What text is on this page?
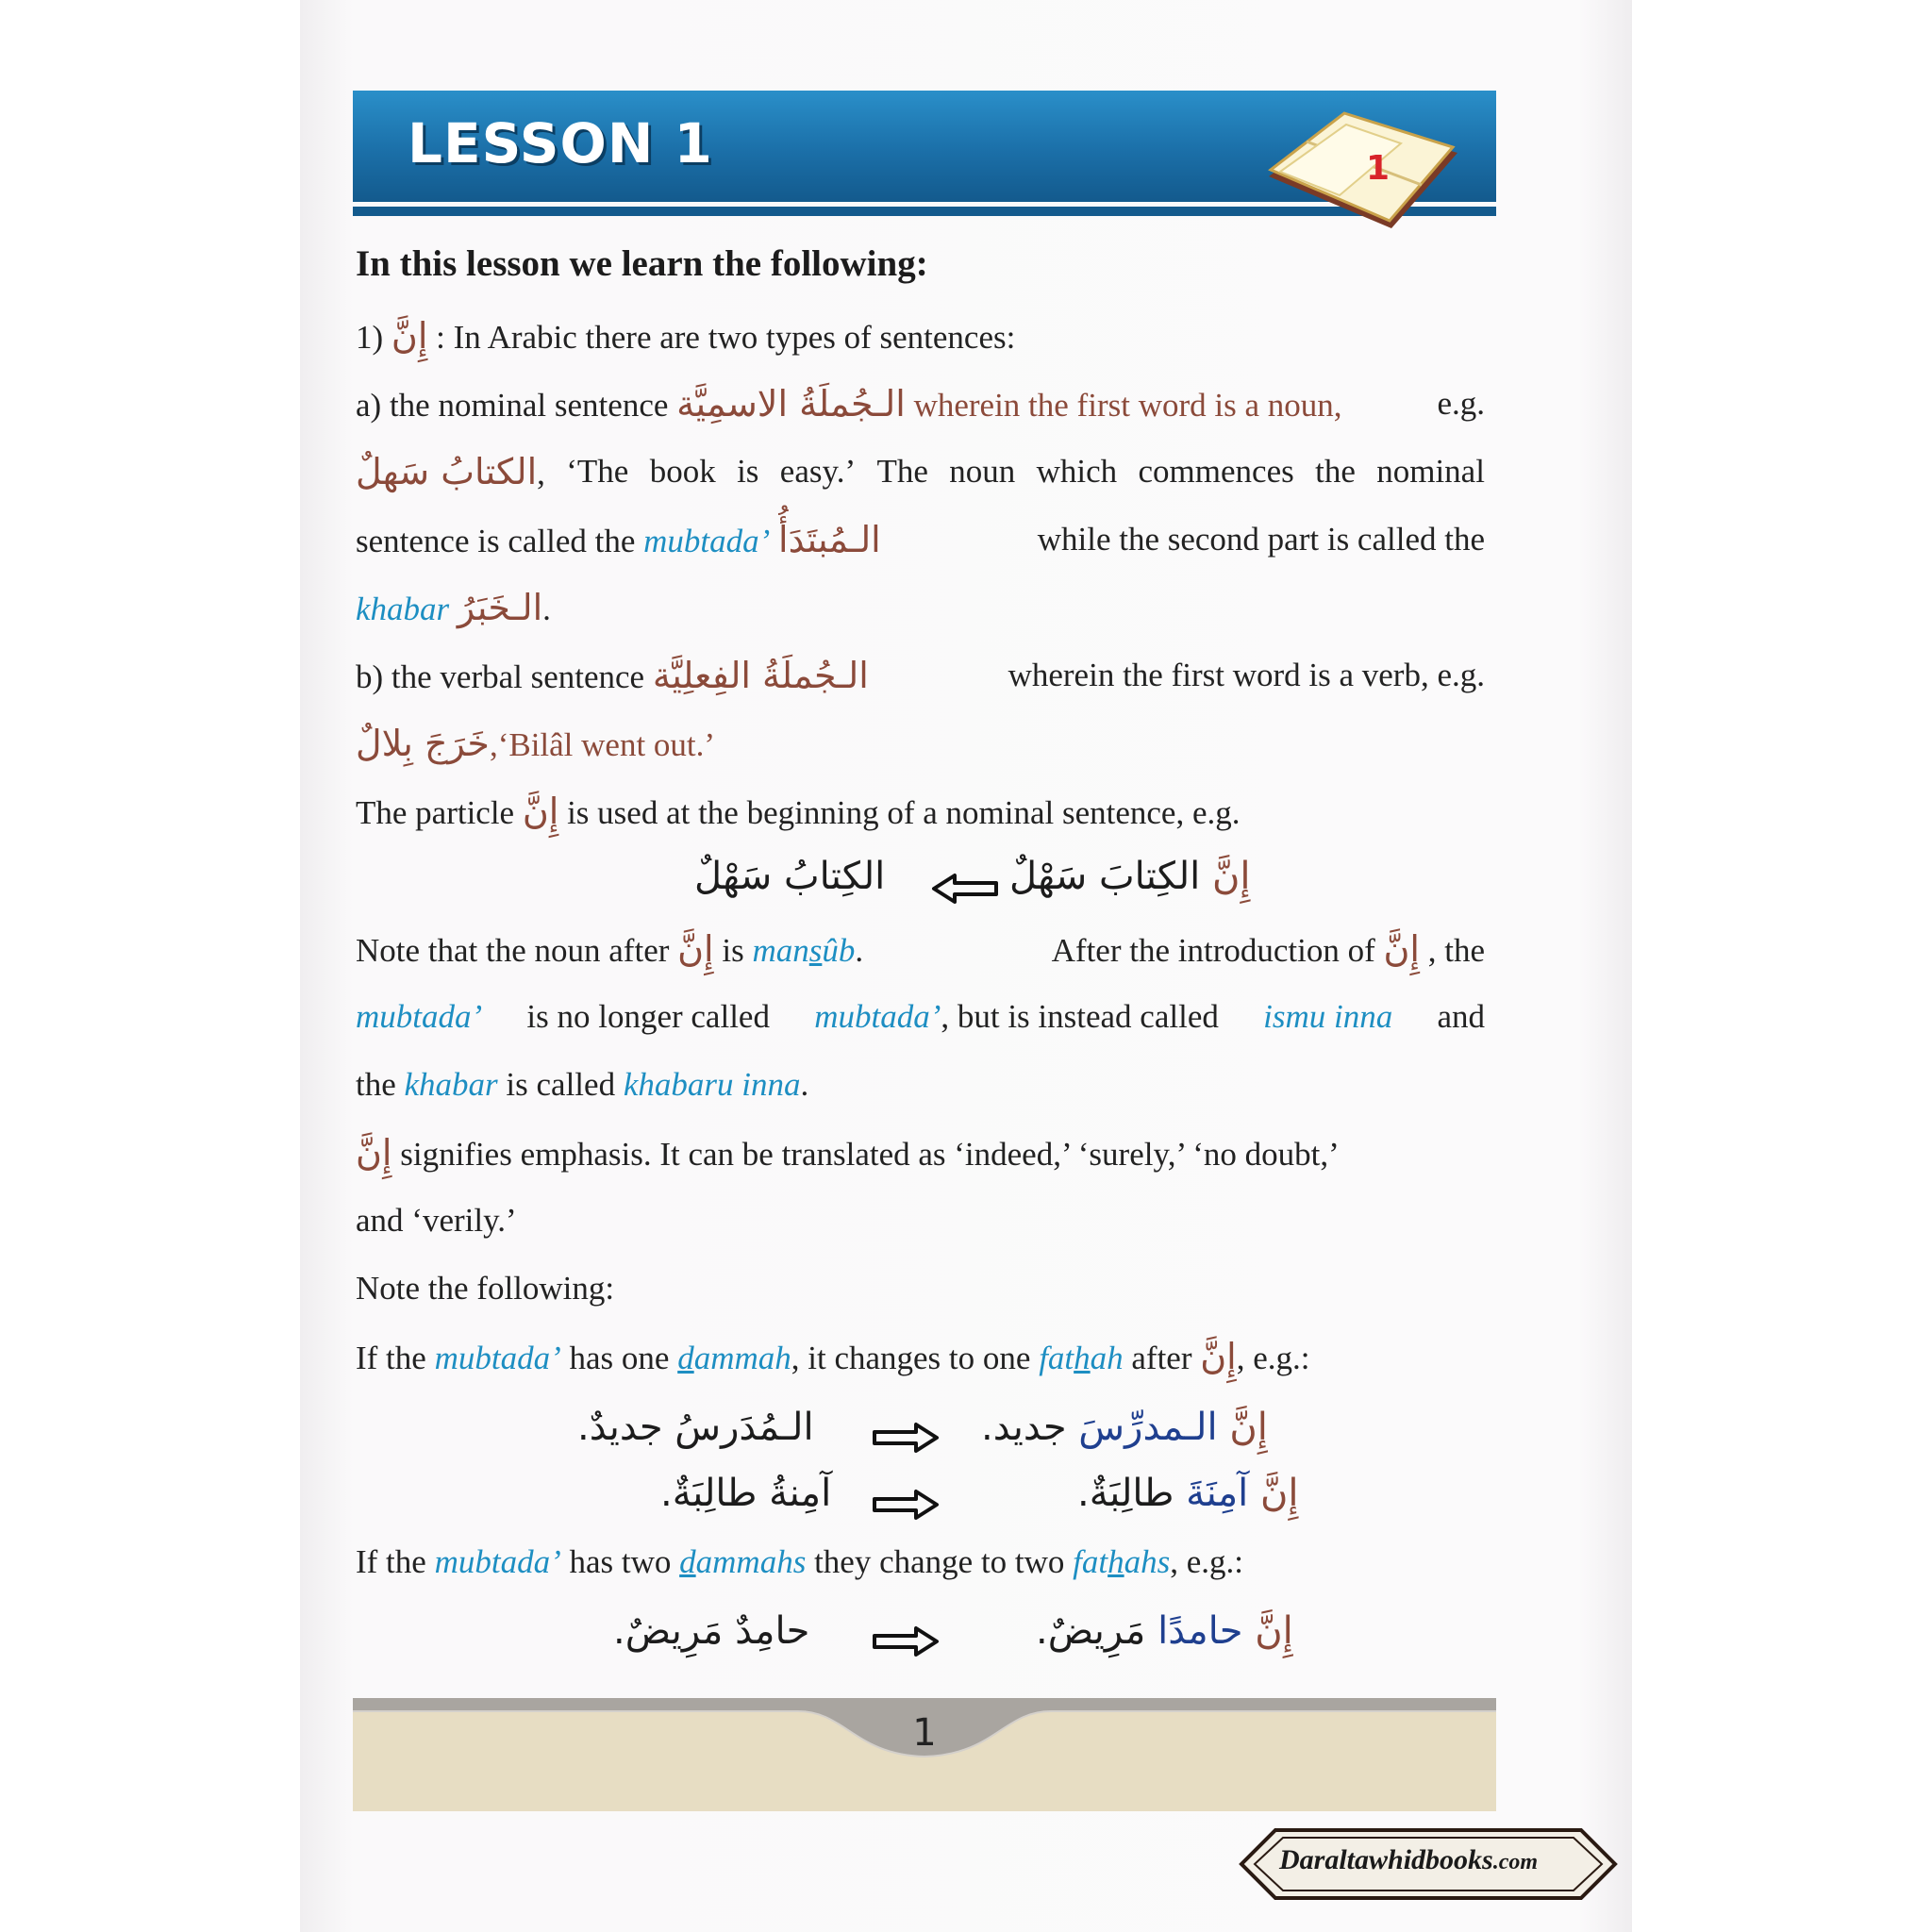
LESSON 1	1
In this lesson we learn the following:
1) إِنَّ : In Arabic there are two types of sentences:
a) the nominal sentence الـجُملَةُ الاسمِيَّة wherein the first word is a noun,	e.g.
الكتابُ سَهلٌ, ‘The book is easy.’ The noun which commences the nominal
sentence is called the mubtada’ الـمُبتَدَأُ	while the second part is called the
khabar الـخَبَرُ.
b) the verbal sentence الـجُملَةُ الفِعلِيَّة	wherein the first word is a verb, e.g.
خَرَجَ بِلالٌ,‘Bilâl went out.’
The particle إِنَّ is used at the beginning of a nominal sentence, e.g.
Note that the noun after إِنَّ is mansûb.	After the introduction of إِنَّ , the
mubtada’ is no longer called mubtada’, but is instead called ismu inna and
the khabar is called khabaru inna.
إِنَّ signifies emphasis. It can be translated as ‘indeed,’ ‘surely,’ ‘no doubt,’
and ‘verily.’
Note the following:
If the mubtada’ has one dammah, it changes to one fathah after إِنَّ, e.g.:
If the mubtada’ has two dammahs they change to two fathahs, e.g.:
إِنَّ الكِتابَ سَهْلٌ
الكِتابُ سَهْلٌ
إِنَّ الـمدرِّسَ جديد.
الـمُدَرسُ جديدٌ.
إِنَّ آمِنَةَ طالِبَةٌ.
آمِنةُ طالِبَةٌ.
إِنَّ حامدًا مَرِيضٌ.
حامِدٌ مَرِيضٌ.
1
Daraltawhidbooks.com
